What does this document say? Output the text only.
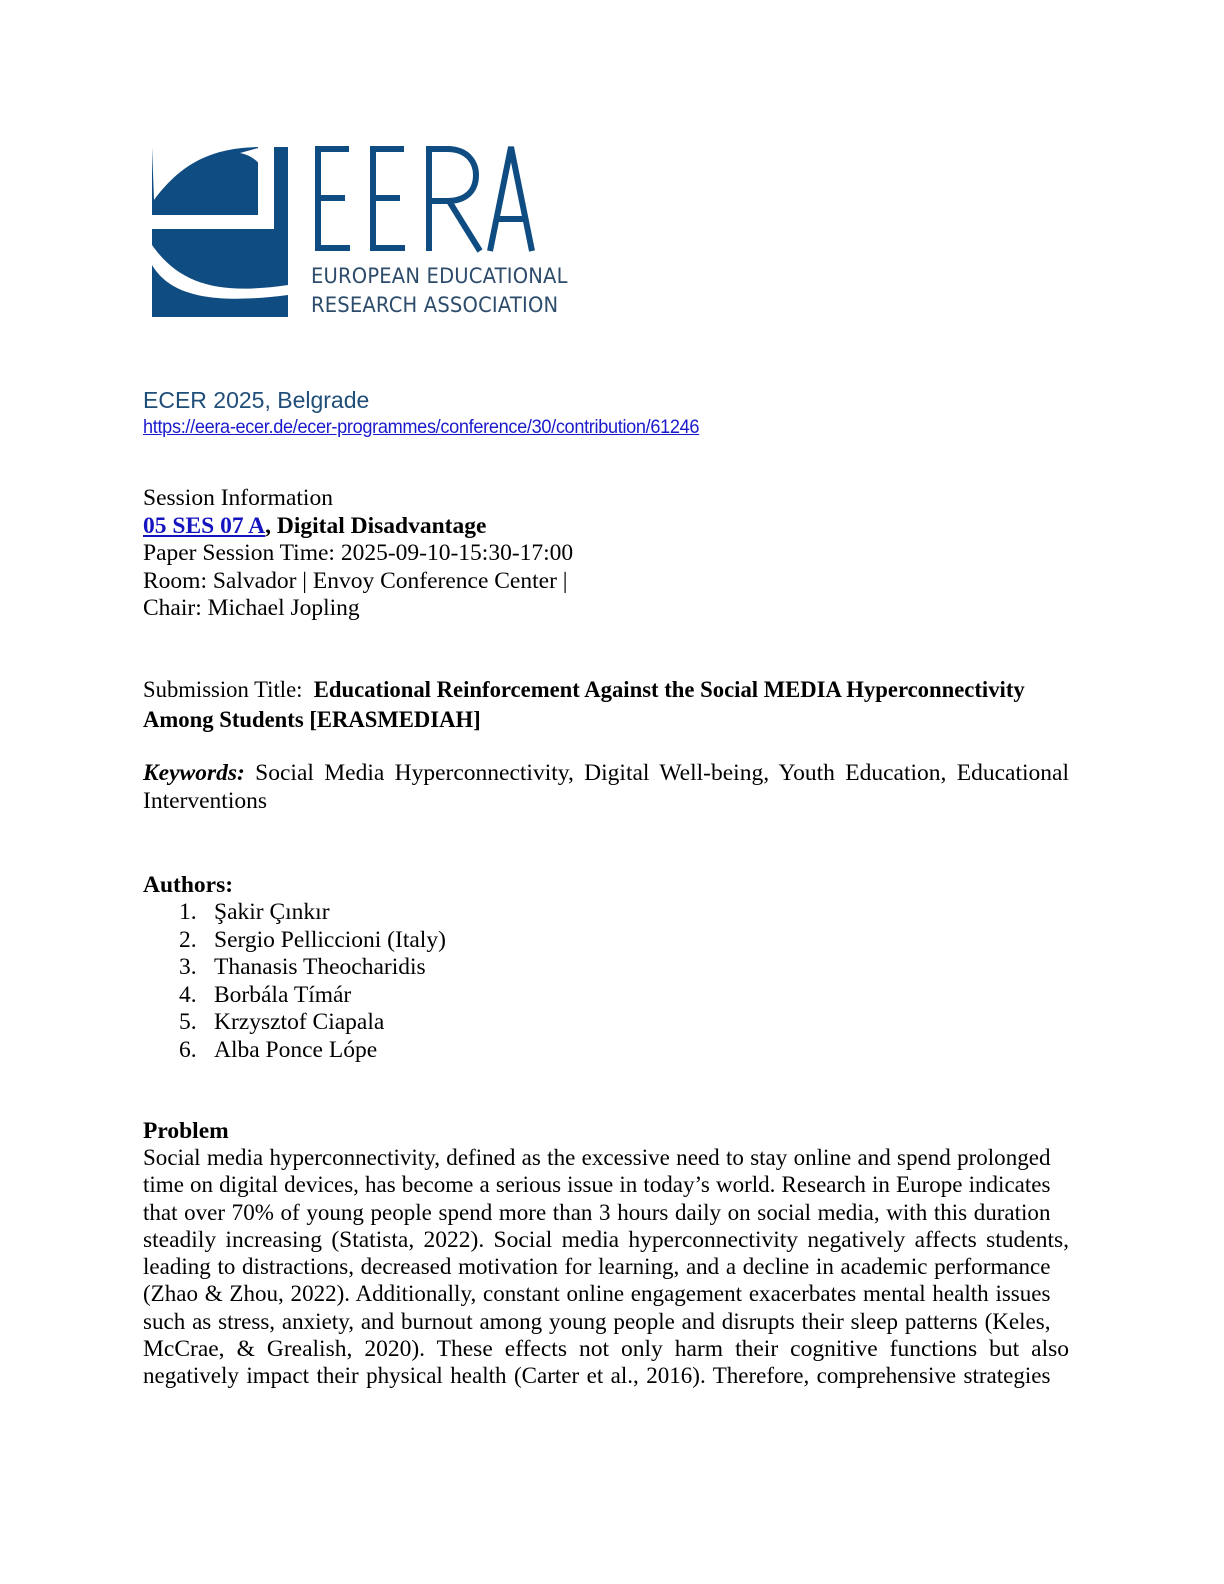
EUROPEAN EDUCATIONAL
RESEARCH ASSOCIATION
ECER 2025, Belgrade
https://eera-ecer.de/ecer-programmes/conference/30/contribution/61246
Session Information
05 SES 07 A, Digital Disadvantage
Paper Session Time: 2025-09-10-15:30-17:00
Room: Salvador | Envoy Conference Center |
Chair: Michael Jopling
Submission Title:  Educational Reinforcement Against the Social MEDIA Hyperconnectivity
Among Students [ERASMEDIAH]
Keywords: Social Media Hyperconnectivity, Digital Well-being, Youth Education, Educational Interventions
Authors:
1. Şakir Çınkır
2. Sergio Pelliccioni (Italy)
3. Thanasis Theocharidis
4. Borbála Tímár
5. Krzysztof Ciapala
6. Alba Ponce Lópe
Problem
Social media hyperconnectivity, defined as the excessive need to stay online and spend prolonged
time on digital devices, has become a serious issue in today’s world. Research in Europe indicates
that over 70% of young people spend more than 3 hours daily on social media, with this duration
steadily increasing (Statista, 2022). Social media hyperconnectivity negatively affects students,
leading to distractions, decreased motivation for learning, and a decline in academic performance
(Zhao & Zhou, 2022). Additionally, constant online engagement exacerbates mental health issues
such as stress, anxiety, and burnout among young people and disrupts their sleep patterns (Keles,
McCrae, & Grealish, 2020). These effects not only harm their cognitive functions but also
negatively impact their physical health (Carter et al., 2016). Therefore, comprehensive strategies
